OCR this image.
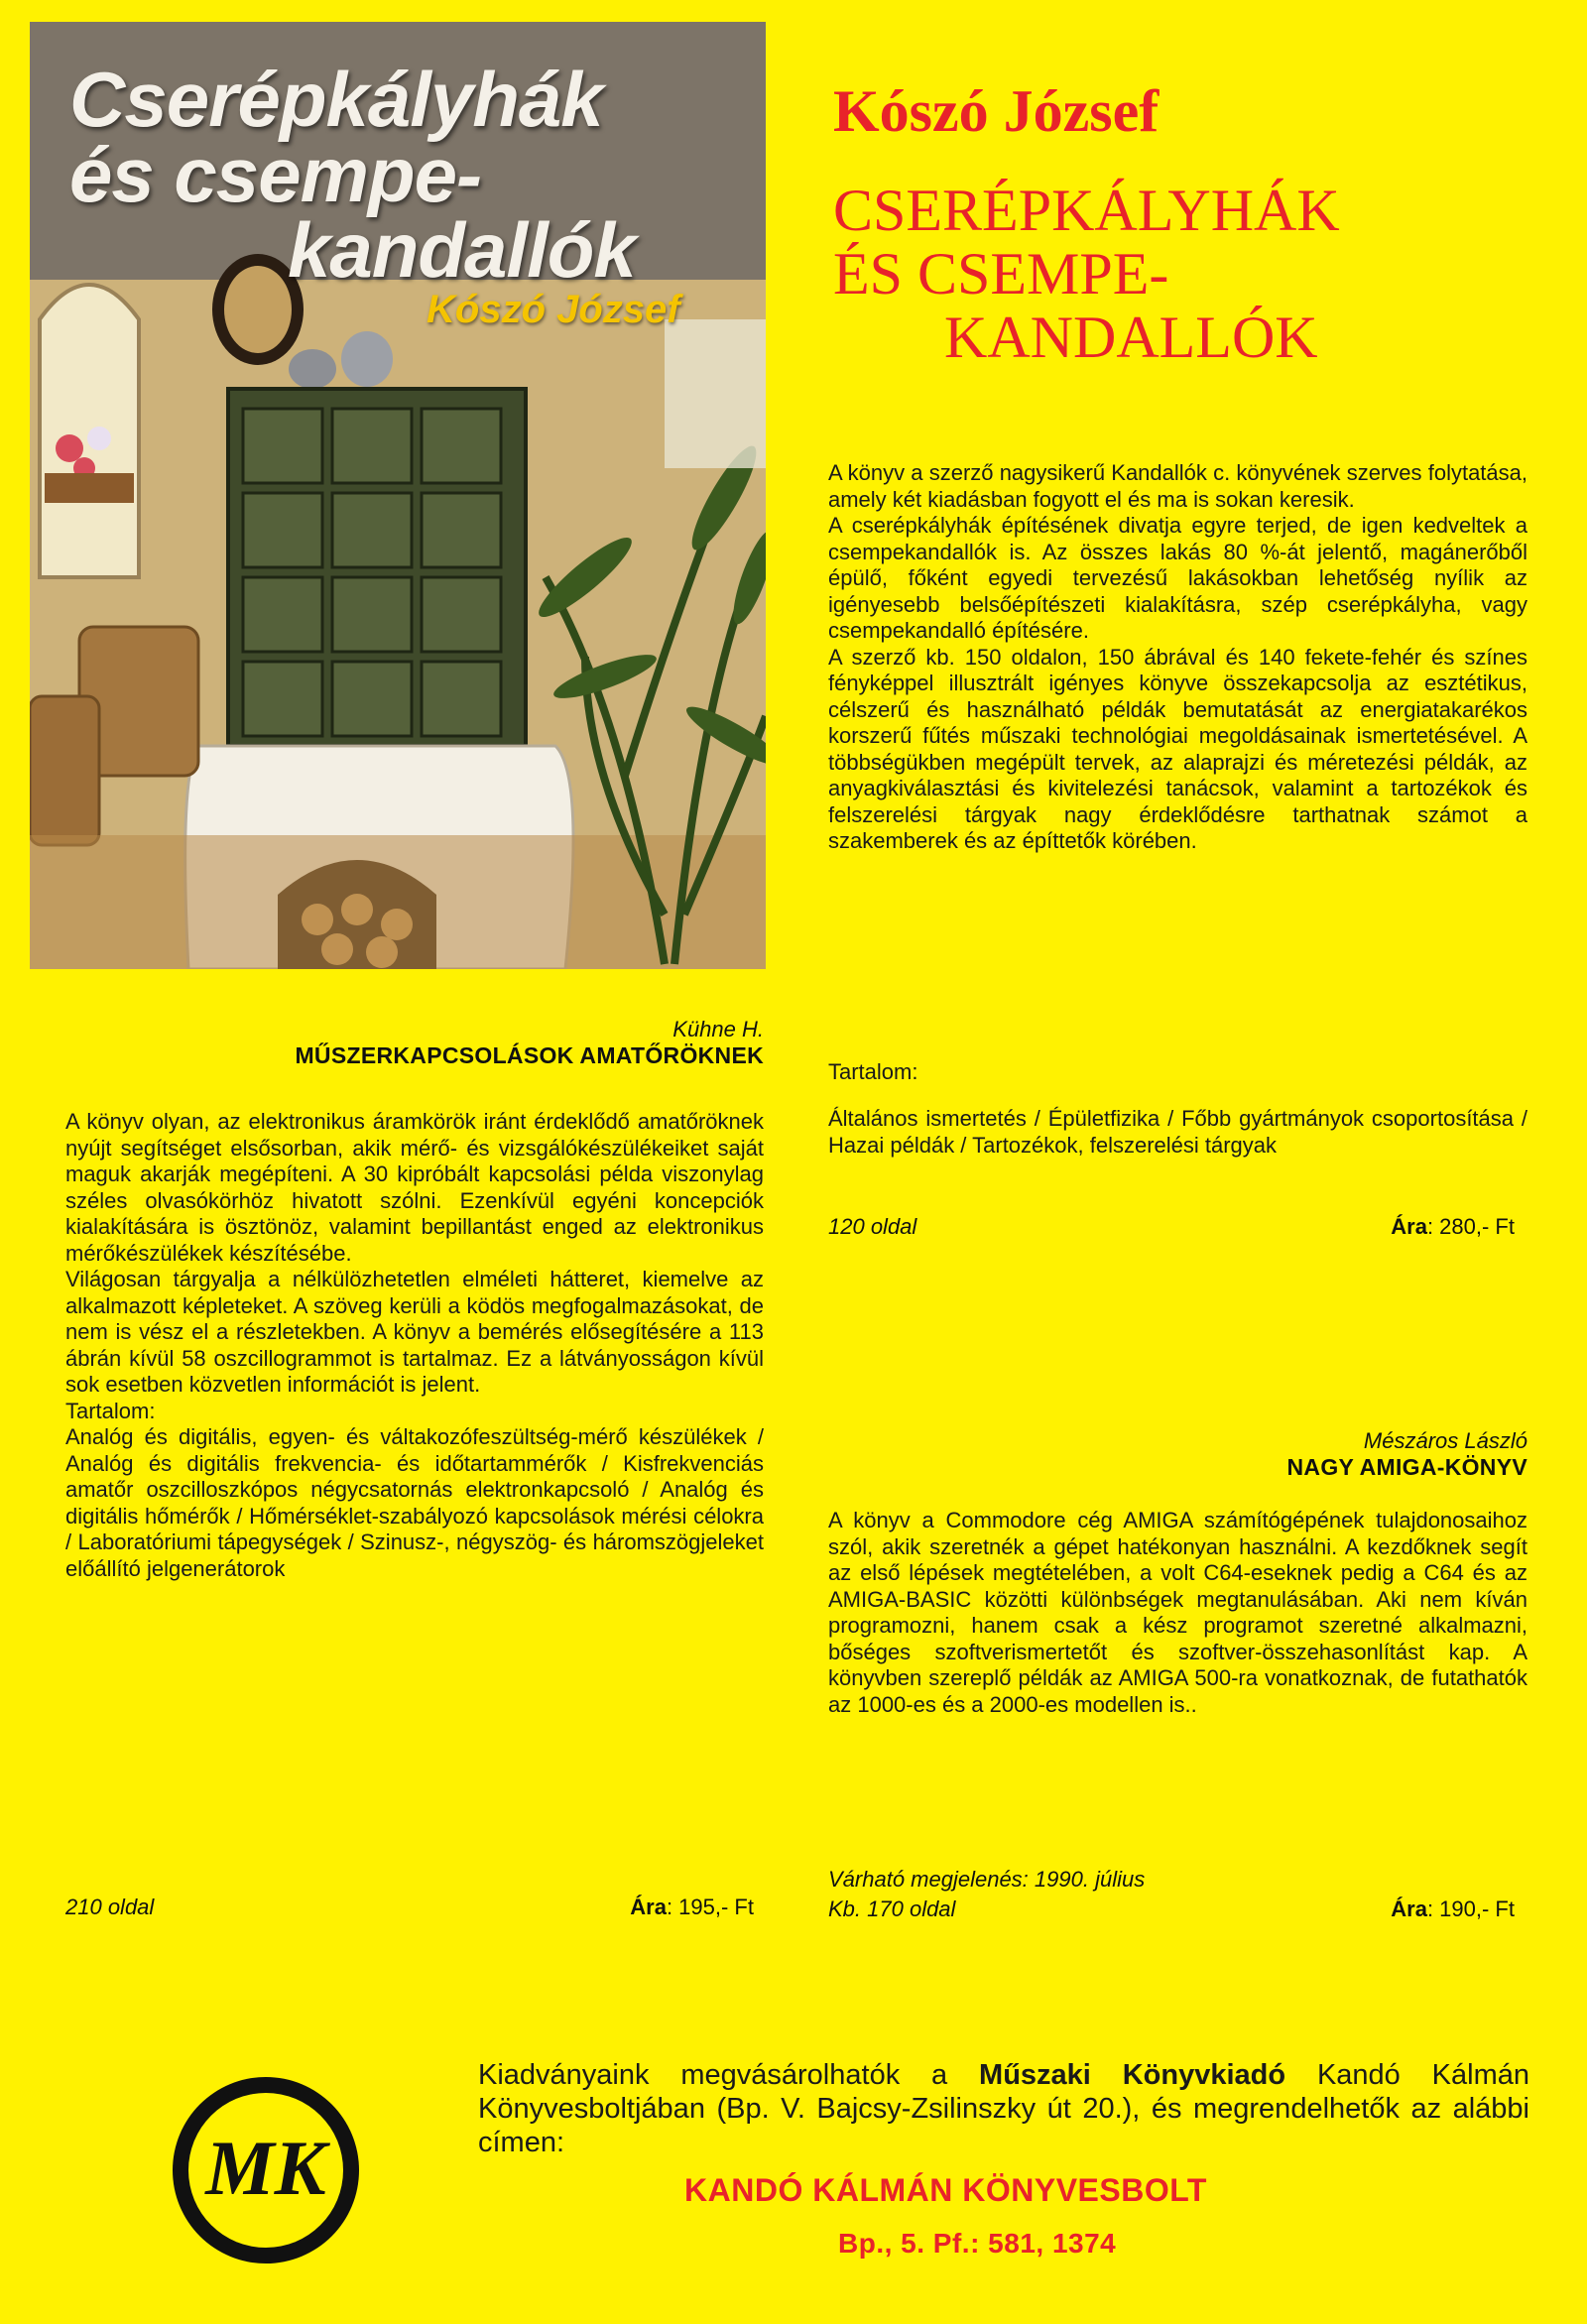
Cserépkályhák
és csempe-
kandallók
Kószó József
Kószó József
CSERÉPKÁLYHÁK
ÉS CSEMPE-
KANDALLÓK

A könyv a szerző nagysikerű Kandallók c. könyvének szerves folytatása, amely két kiadásban fogyott el és ma is sokan keresik.

A cserépkályhák építésének divatja egyre terjed, de igen kedveltek a csempekandallók is. Az összes lakás 80 %-át jelentő, magánerőből épülő, főként egyedi tervezésű lakásokban lehetőség nyílik az igényesebb belsőépítészeti kialakításra, szép cserépkályha, vagy csempekandalló építésére.

A szerző kb. 150 oldalon, 150 ábrával és 140 fekete-fehér és színes fényképpel illusztrált igényes könyve összekapcsolja az esztétikus, célszerű és használható példák bemutatását az energiatakarékos korszerű fűtés műszaki technológiai megoldásainak ismertetésével. A többségükben megépült tervek, az alaprajzi és méretezési példák, az anyagkiválasztási és kivitelezési tanácsok, valamint a tartozékok és felszerelési tárgyak nagy érdeklődésre tarthatnak számot a szakemberek és az építtetők körében.

Tartalom:
Általános ismertetés / Épületfizika / Főbb gyártmányok csoportosítása / Hazai példák / Tartozékok, felszerelési tárgyak
120 oldal	Ára: 280,- Ft
Kühne H.
MŰSZERKAPCSOLÁSOK AMATŐRÖKNEK

A könyv olyan, az elektronikus áramkörök iránt érdeklődő amatőröknek nyújt segítséget elsősorban, akik mérő- és vizsgálókészülékeiket saját maguk akarják megépíteni. A 30 kipróbált kapcsolási példa viszonylag széles olvasókörhöz hivatott szólni. Ezenkívül egyéni koncepciók kialakítására is ösztönöz, valamint bepillantást enged az elektronikus mérőkészülékek készítésébe.

Világosan tárgyalja a nélkülözhetetlen elméleti hátteret, kiemelve az alkalmazott képleteket. A szöveg kerüli a ködös megfogalmazásokat, de nem is vész el a részletekben. A könyv a bemérés elősegítésére a 113 ábrán kívül 58 oszcillogrammot is tartalmaz. Ez a látványosságon kívül sok esetben közvetlen információt is jelent.

Tartalom:

Analóg és digitális, egyen- és váltakozófeszültség-mérő készülékek / Analóg és digitális frekvencia- és időtartammérők / Kisfrekvenciás amatőr oszcilloszkópos négycsatornás elektronkapcsoló / Analóg és digitális hőmérők / Hőmérséklet-szabályozó kapcsolások mérési célokra / Laboratóriumi tápegységek / Szinusz-, négyszög- és háromszögjeleket előállító jelgenerátorok

210 oldal	Ára: 195,- Ft
Mészáros László
NAGY AMIGA-KÖNYV
A könyv a Commodore cég AMIGA számítógépének tulajdonosaihoz szól, akik szeretnék a gépet hatékonyan használni. A kezdőknek segít az első lépések megtételében, a volt C64-eseknek pedig a C64 és az AMIGA-BASIC közötti különbségek megtanulásában. Aki nem kíván programozni, hanem csak a kész programot szeretné alkalmazni, bőséges szoftverismertetőt és szoftver-összehasonlítást kap. A könyvben szereplő példák az AMIGA 500-ra vonatkoznak, de futathatók az 1000-es és a 2000-es modellen is..
Várható megjelenés: 1990. július
Kb. 170 oldal	Ára: 190,- Ft
MK
Kiadványaink megvásárolhatók a Műszaki Könyvkiadó Kandó Kálmán Könyvesboltjában (Bp. V. Bajcsy-Zsilinszky út 20.), és megrendelhetők az alábbi címen:
KANDÓ KÁLMÁN KÖNYVESBOLT
Bp., 5. Pf.: 581, 1374
